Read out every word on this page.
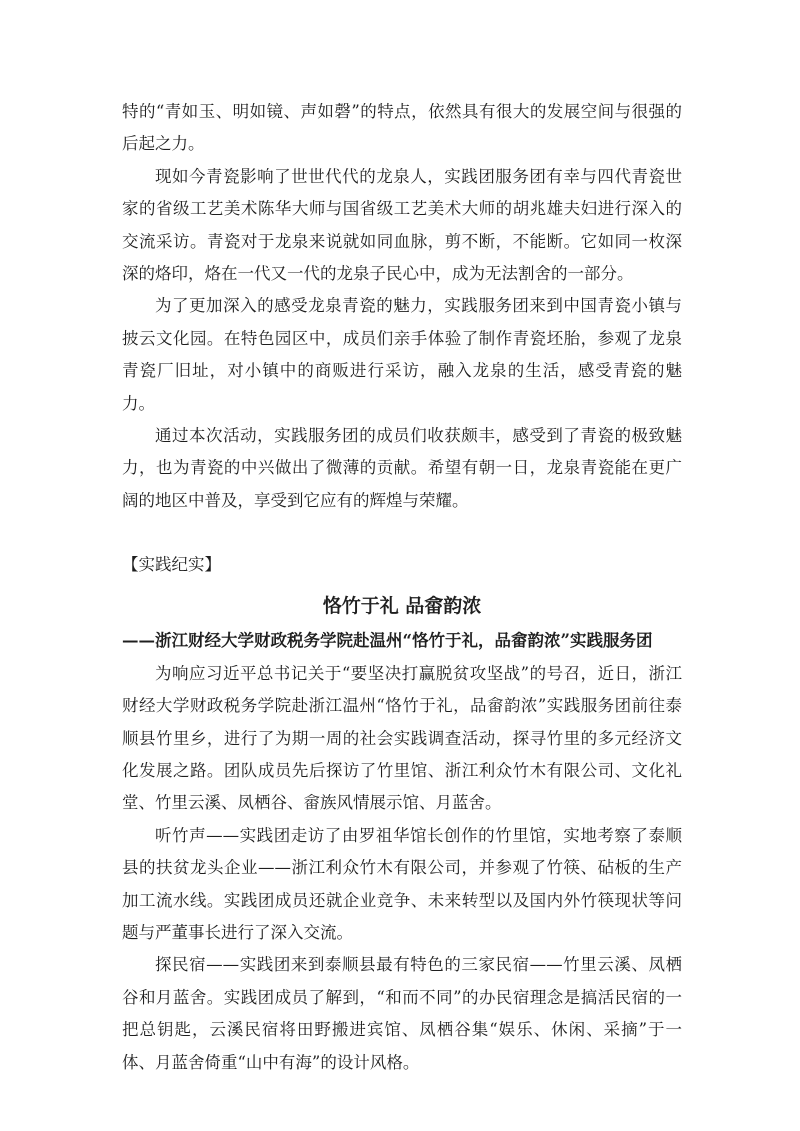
特的“青如玉、明如镜、声如磬”的特点，依然具有很大的发展空间与很强的后起之力。

现如今青瓷影响了世世代代的龙泉人，实践团服务团有幸与四代青瓷世家的省级工艺美术陈华大师与国省级工艺美术大师的胡兆雄夫妇进行深入的交流采访。青瓷对于龙泉来说就如同血脉，剪不断，不能断。它如同一枚深深的烙印，烙在一代又一代的龙泉子民心中，成为无法割舍的一部分。

为了更加深入的感受龙泉青瓷的魅力，实践服务团来到中国青瓷小镇与披云文化园。在特色园区中，成员们亲手体验了制作青瓷坯胎，参观了龙泉青瓷厂旧址，对小镇中的商贩进行采访，融入龙泉的生活，感受青瓷的魅力。

通过本次活动，实践服务团的成员们收获颇丰，感受到了青瓷的极致魅力，也为青瓷的中兴做出了微薄的贡献。希望有朝一日，龙泉青瓷能在更广阔的地区中普及，享受到它应有的辉煌与荣耀。

【实践纪实】

恪竹于礼 品畲韵浓

——浙江财经大学财政税务学院赴温州“恪竹于礼，品畲韵浓”实践服务团

为响应习近平总书记关于“要坚决打赢脱贫攻坚战”的号召，近日，浙江财经大学财政税务学院赴浙江温州“恪竹于礼，品畲韵浓”实践服务团前往泰顺县竹里乡，进行了为期一周的社会实践调查活动，探寻竹里的多元经济文化发展之路。团队成员先后探访了竹里馆、浙江利众竹木有限公司、文化礼堂、竹里云溪、凤栖谷、畲族风情展示馆、月蓝舍。

听竹声——实践团走访了由罗祖华馆长创作的竹里馆，实地考察了泰顺县的扶贫龙头企业——浙江利众竹木有限公司，并参观了竹筷、砧板的生产加工流水线。实践团成员还就企业竞争、未来转型以及国内外竹筷现状等问题与严董事长进行了深入交流。

探民宿——实践团来到泰顺县最有特色的三家民宿——竹里云溪、凤栖谷和月蓝舍。实践团成员了解到，“和而不同”的办民宿理念是搞活民宿的一把总钥匙，云溪民宿将田野搬进宾馆、凤栖谷集“娱乐、休闲、采摘”于一体、月蓝舍倚重“山中有海”的设计风格。
